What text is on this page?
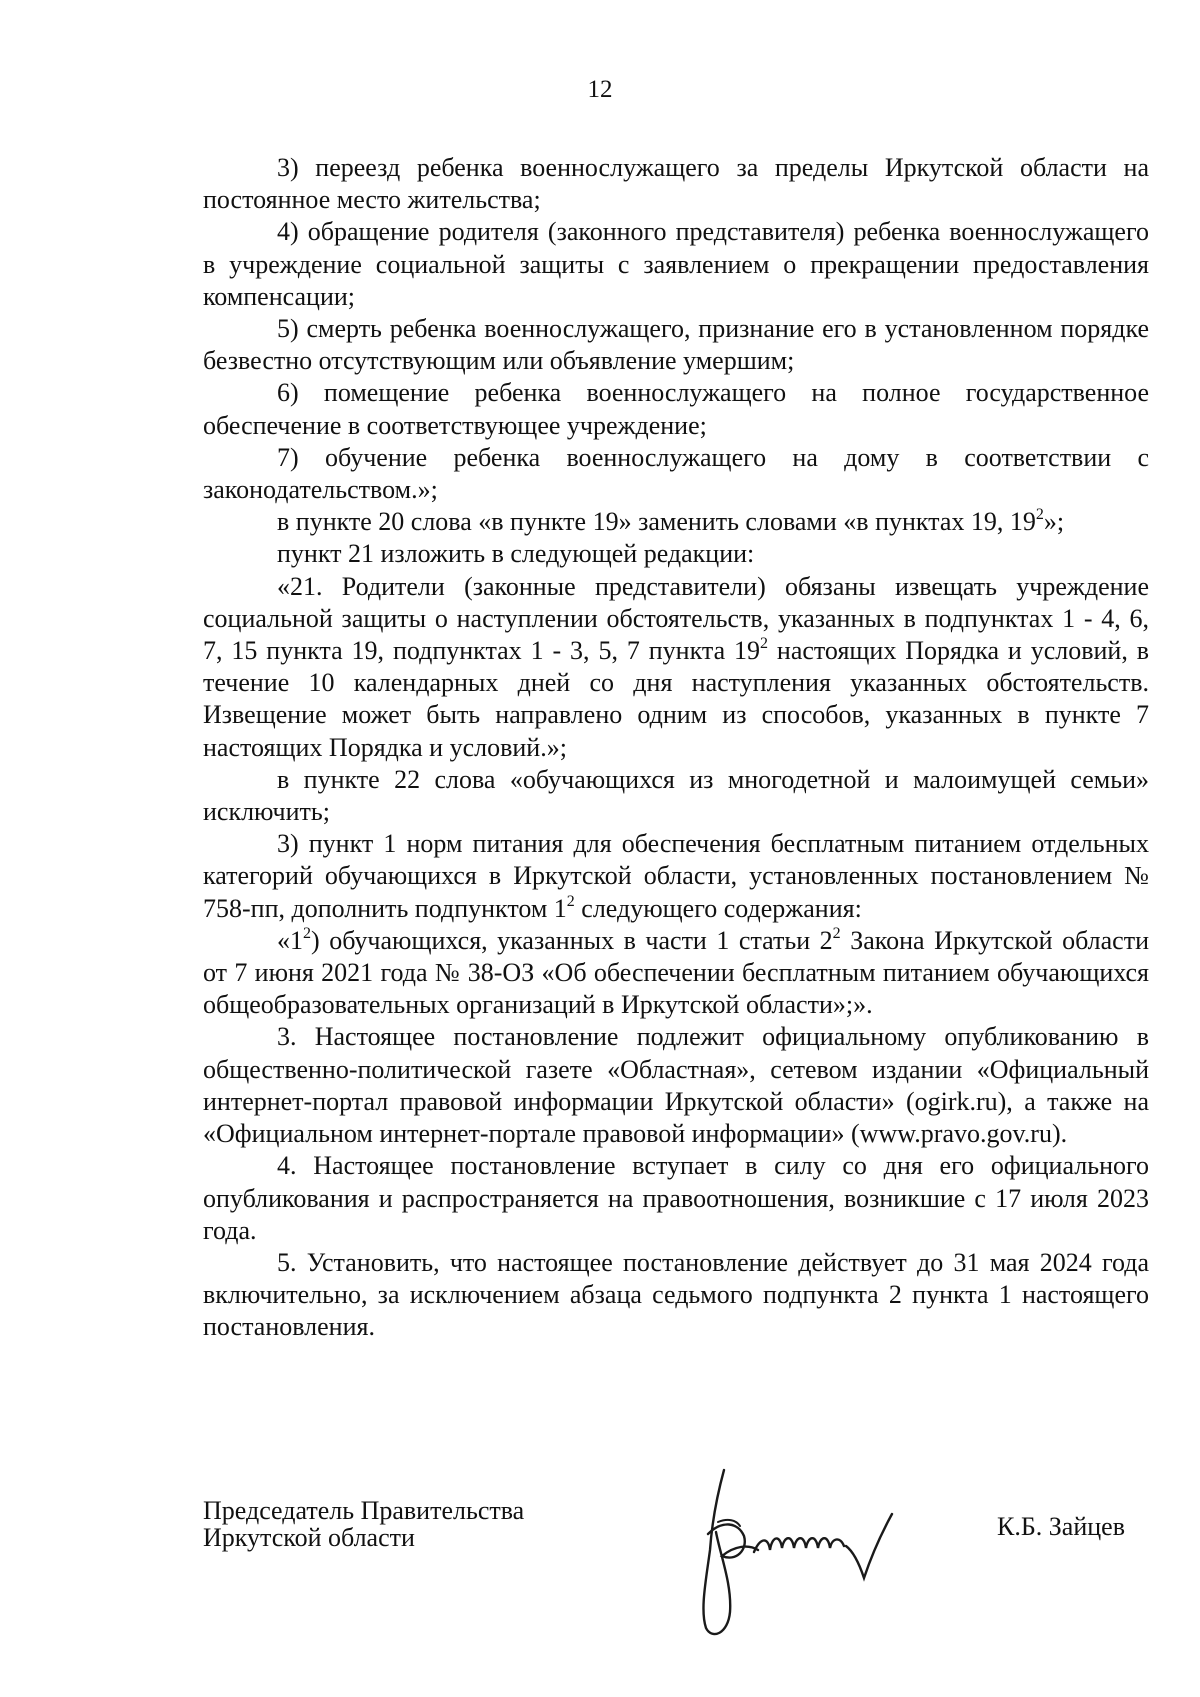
12

3) переезд ребенка военнослужащего за пределы Иркутской области на постоянное место жительства;

4) обращение родителя (законного представителя) ребенка военнослужащего в учреждение социальной защиты с заявлением о прекращении предоставления компенсации;

5) смерть ребенка военнослужащего, признание его в установленном порядке безвестно отсутствующим или объявление умершим;

6) помещение ребенка военнослужащего на полное государственное обеспечение в соответствующее учреждение;

7) обучение ребенка военнослужащего на дому в соответствии с законодательством.»;

в пункте 20 слова «в пункте 19» заменить словами «в пунктах 19, $19^2$»;

пункт 21 изложить в следующей редакции:

«21. Родители (законные представители) обязаны извещать учреждение социальной защиты о наступлении обстоятельств, указанных в подпунктах 1 - 4, 6, 7, 15 пункта 19, подпунктах 1 - 3, 5, 7 пункта $19^2$ настоящих Порядка и условий, в течение 10 календарных дней со дня наступления указанных обстоятельств. Извещение может быть направлено одним из способов, указанных в пункте 7 настоящих Порядка и условий.»;

в пункте 22 слова «обучающихся из многодетной и малоимущей семьи» исключить;

3) пункт 1 норм питания для обеспечения бесплатным питанием отдельных категорий обучающихся в Иркутской области, установленных постановлением № 758-пп, дополнить подпунктом $1^2$ следующего содержания:

«$1^2$) обучающихся, указанных в части 1 статьи $2^2$ Закона Иркутской области от 7 июня 2021 года № 38-ОЗ «Об обеспечении бесплатным питанием обучающихся общеобразовательных организаций в Иркутской области»;».

3. Настоящее постановление подлежит официальному опубликованию в общественно-политической газете «Областная», сетевом издании «Официальный интернет-портал правовой информации Иркутской области» (ogirk.ru), а также на «Официальном интернет-портале правовой информации» (www.pravo.gov.ru).

4. Настоящее постановление вступает в силу со дня его официального опубликования и распространяется на правоотношения, возникшие с 17 июля 2023 года.

5. Установить, что настоящее постановление действует до 31 мая 2024 года включительно, за исключением абзаца седьмого подпункта 2 пункта 1 настоящего постановления.

Председатель Правительства
Иркутской области	К.Б. Зайцев
